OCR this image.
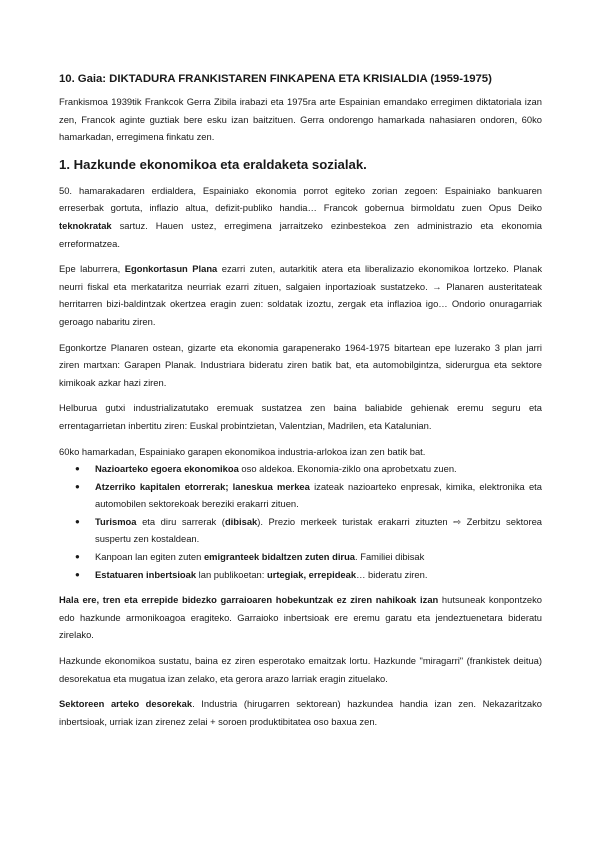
10. Gaia: DIKTADURA FRANKISTAREN FINKAPENA ETA KRISIALDIA (1959-1975)

Frankismoa 1939tik Frankcok Gerra Zibila irabazi eta 1975ra arte Espainian emandako erregimen diktatoriala izan zen, Francok aginte guztiak bere esku izan baitzituen. Gerra ondorengo hamarkada nahasiaren ondoren, 60ko hamarkadan, erregimena finkatu zen.

1. Hazkunde ekonomikoa eta eraldaketa sozialak.

50. hamarakadaren erdialdera, Espainiako ekonomia porrot egiteko zorian zegoen: Espainiako bankuaren erreserbak gortuta, inflazio altua, defizit-publiko handia… Francok gobernua birmoldatu zuen Opus Deiko teknokratak sartuz. Hauen ustez, erregimena jarraitzeko ezinbestekoa zen administrazio eta ekonomia erreformatzea.

Epe laburrera, Egonkortasun Plana ezarri zuten, autarkitik atera eta liberalizazio ekonomikoa lortzeko. Planak neurri fiskal eta merkataritza neurriak ezarri zituen, salgaien inportazioak sustatzeko. → Planaren austeritateak herritarren bizi-baldintzak okertzea eragin zuen: soldatak izoztu, zergak eta inflazioa igo… Ondorio onuragarriak geroago nabaritu ziren.

Egonkortze Planaren ostean, gizarte eta ekonomia garapenerako 1964-1975 bitartean epe luzerako 3 plan jarri ziren martxan: Garapen Planak. Industriara bideratu ziren batik bat, eta automobilgintza, siderurgua eta sektore kimikoak azkar hazi ziren.

Helburua gutxi industrializatutako eremuak sustatzea zen baina baliabide gehienak eremu seguru eta errentagarrietan inbertitu ziren: Euskal probintzietan, Valentzian, Madrilen, eta Katalunian.

60ko hamarkadan, Espainiako garapen ekonomikoa industria-arlokoa izan zen batik bat.

● Nazioarteko egoera ekonomikoa oso aldekoa. Ekonomia-ziklo ona aprobetxatu zuen.
● Atzerriko kapitalen etorrerak; laneskua merkea izateak nazioarteko enpresak, kimika, elektronika eta automobilen sektorekoak bereziki erakarri zituen.
● Turismoa eta diru sarrerak (dibisak). Prezio merkeek turistak erakarri zituzten ⇨ Zerbitzu sektorea suspertu zen kostaldean.
● Kanpoan lan egiten zuten emigranteek bidaltzen zuten dirua. Familiei dibisak
● Estatuaren inbertsioak lan publikoetan: urtegiak, errepideak… bideratu ziren.

Hala ere, tren eta errepide bidezko garraioaren hobekuntzak ez ziren nahikoak izan hutsuneak konpontzeko edo hazkunde armonikoagoa eragiteko. Garraioko inbertsioak ere eremu garatu eta jendeztuenetara bideratu zirelako.

Hazkunde ekonomikoa sustatu, baina ez ziren esperotako emaitzak lortu. Hazkunde "miragarri" (frankistek deitua) desorekatua eta mugatua izan zelako, eta gerora arazo larriak eragin zituelako.

Sektoreen arteko desorekak. Industria (hirugarren sektorean) hazkundea handia izan zen. Nekazaritzako inbertsioak, urriak izan zirenez zelai + soroen produktibitatea oso baxua zen.
